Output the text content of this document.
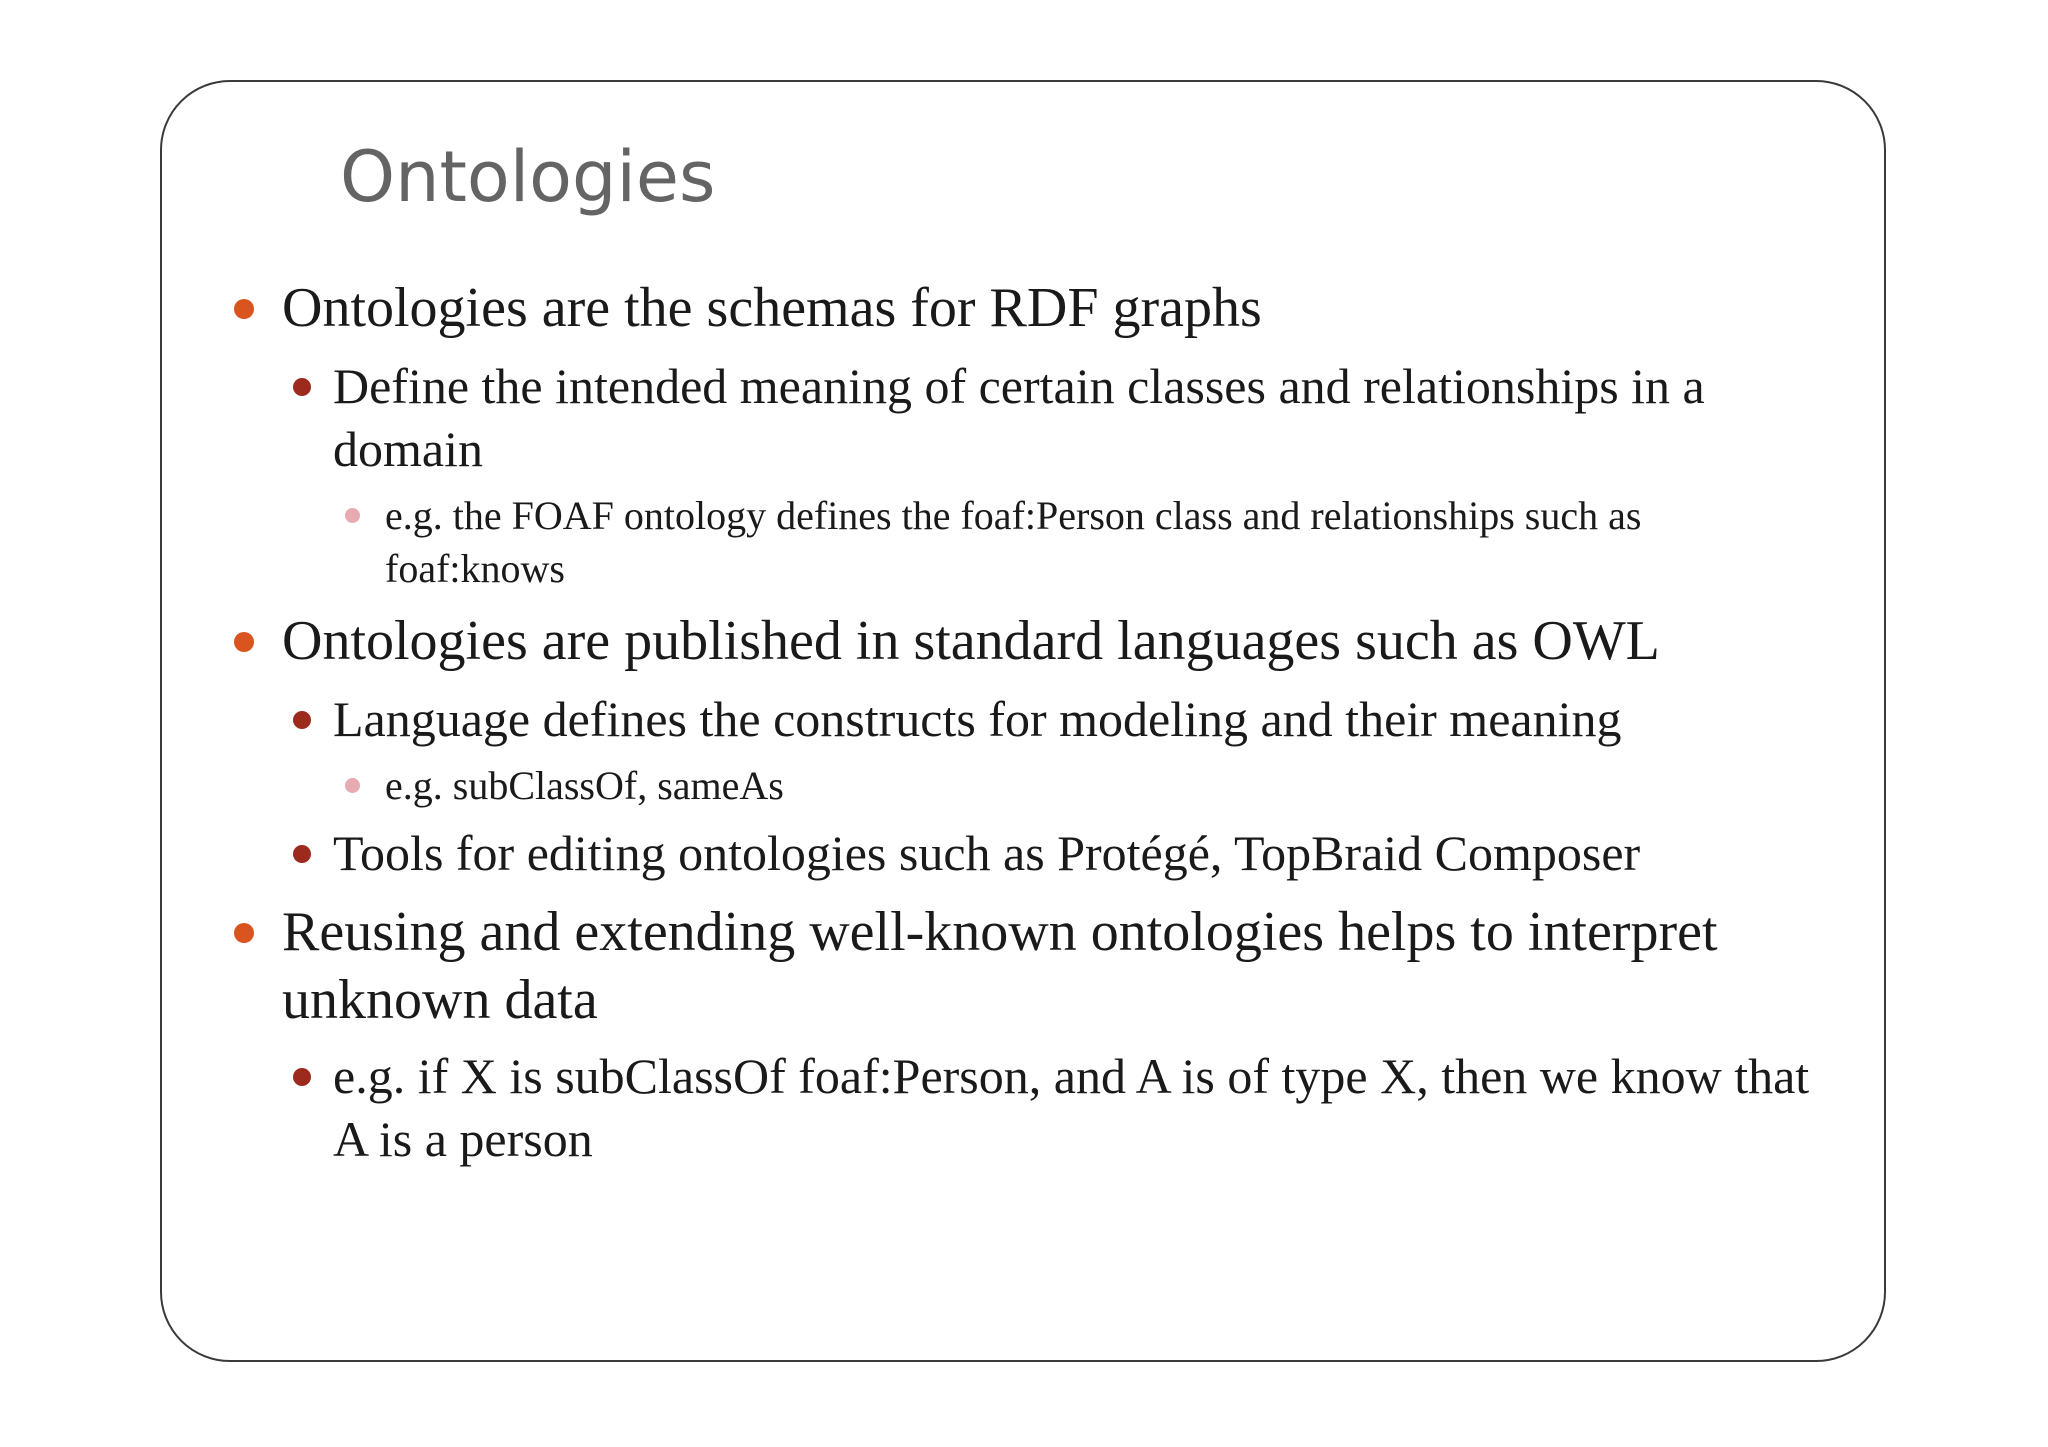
Ontologies
Ontologies are the schemas for RDF graphs
Define the intended meaning of certain classes and relationships in a domain
e.g. the FOAF ontology defines the foaf:Person class and relationships such as foaf:knows
Ontologies are published in standard languages such as OWL
Language defines the constructs for modeling and their meaning
e.g. subClassOf, sameAs
Tools for editing ontologies such as Protégé, TopBraid Composer
Reusing and extending well-known ontologies helps to interpret unknown data
e.g. if X is subClassOf foaf:Person, and A is of type X, then we know that A is a person
